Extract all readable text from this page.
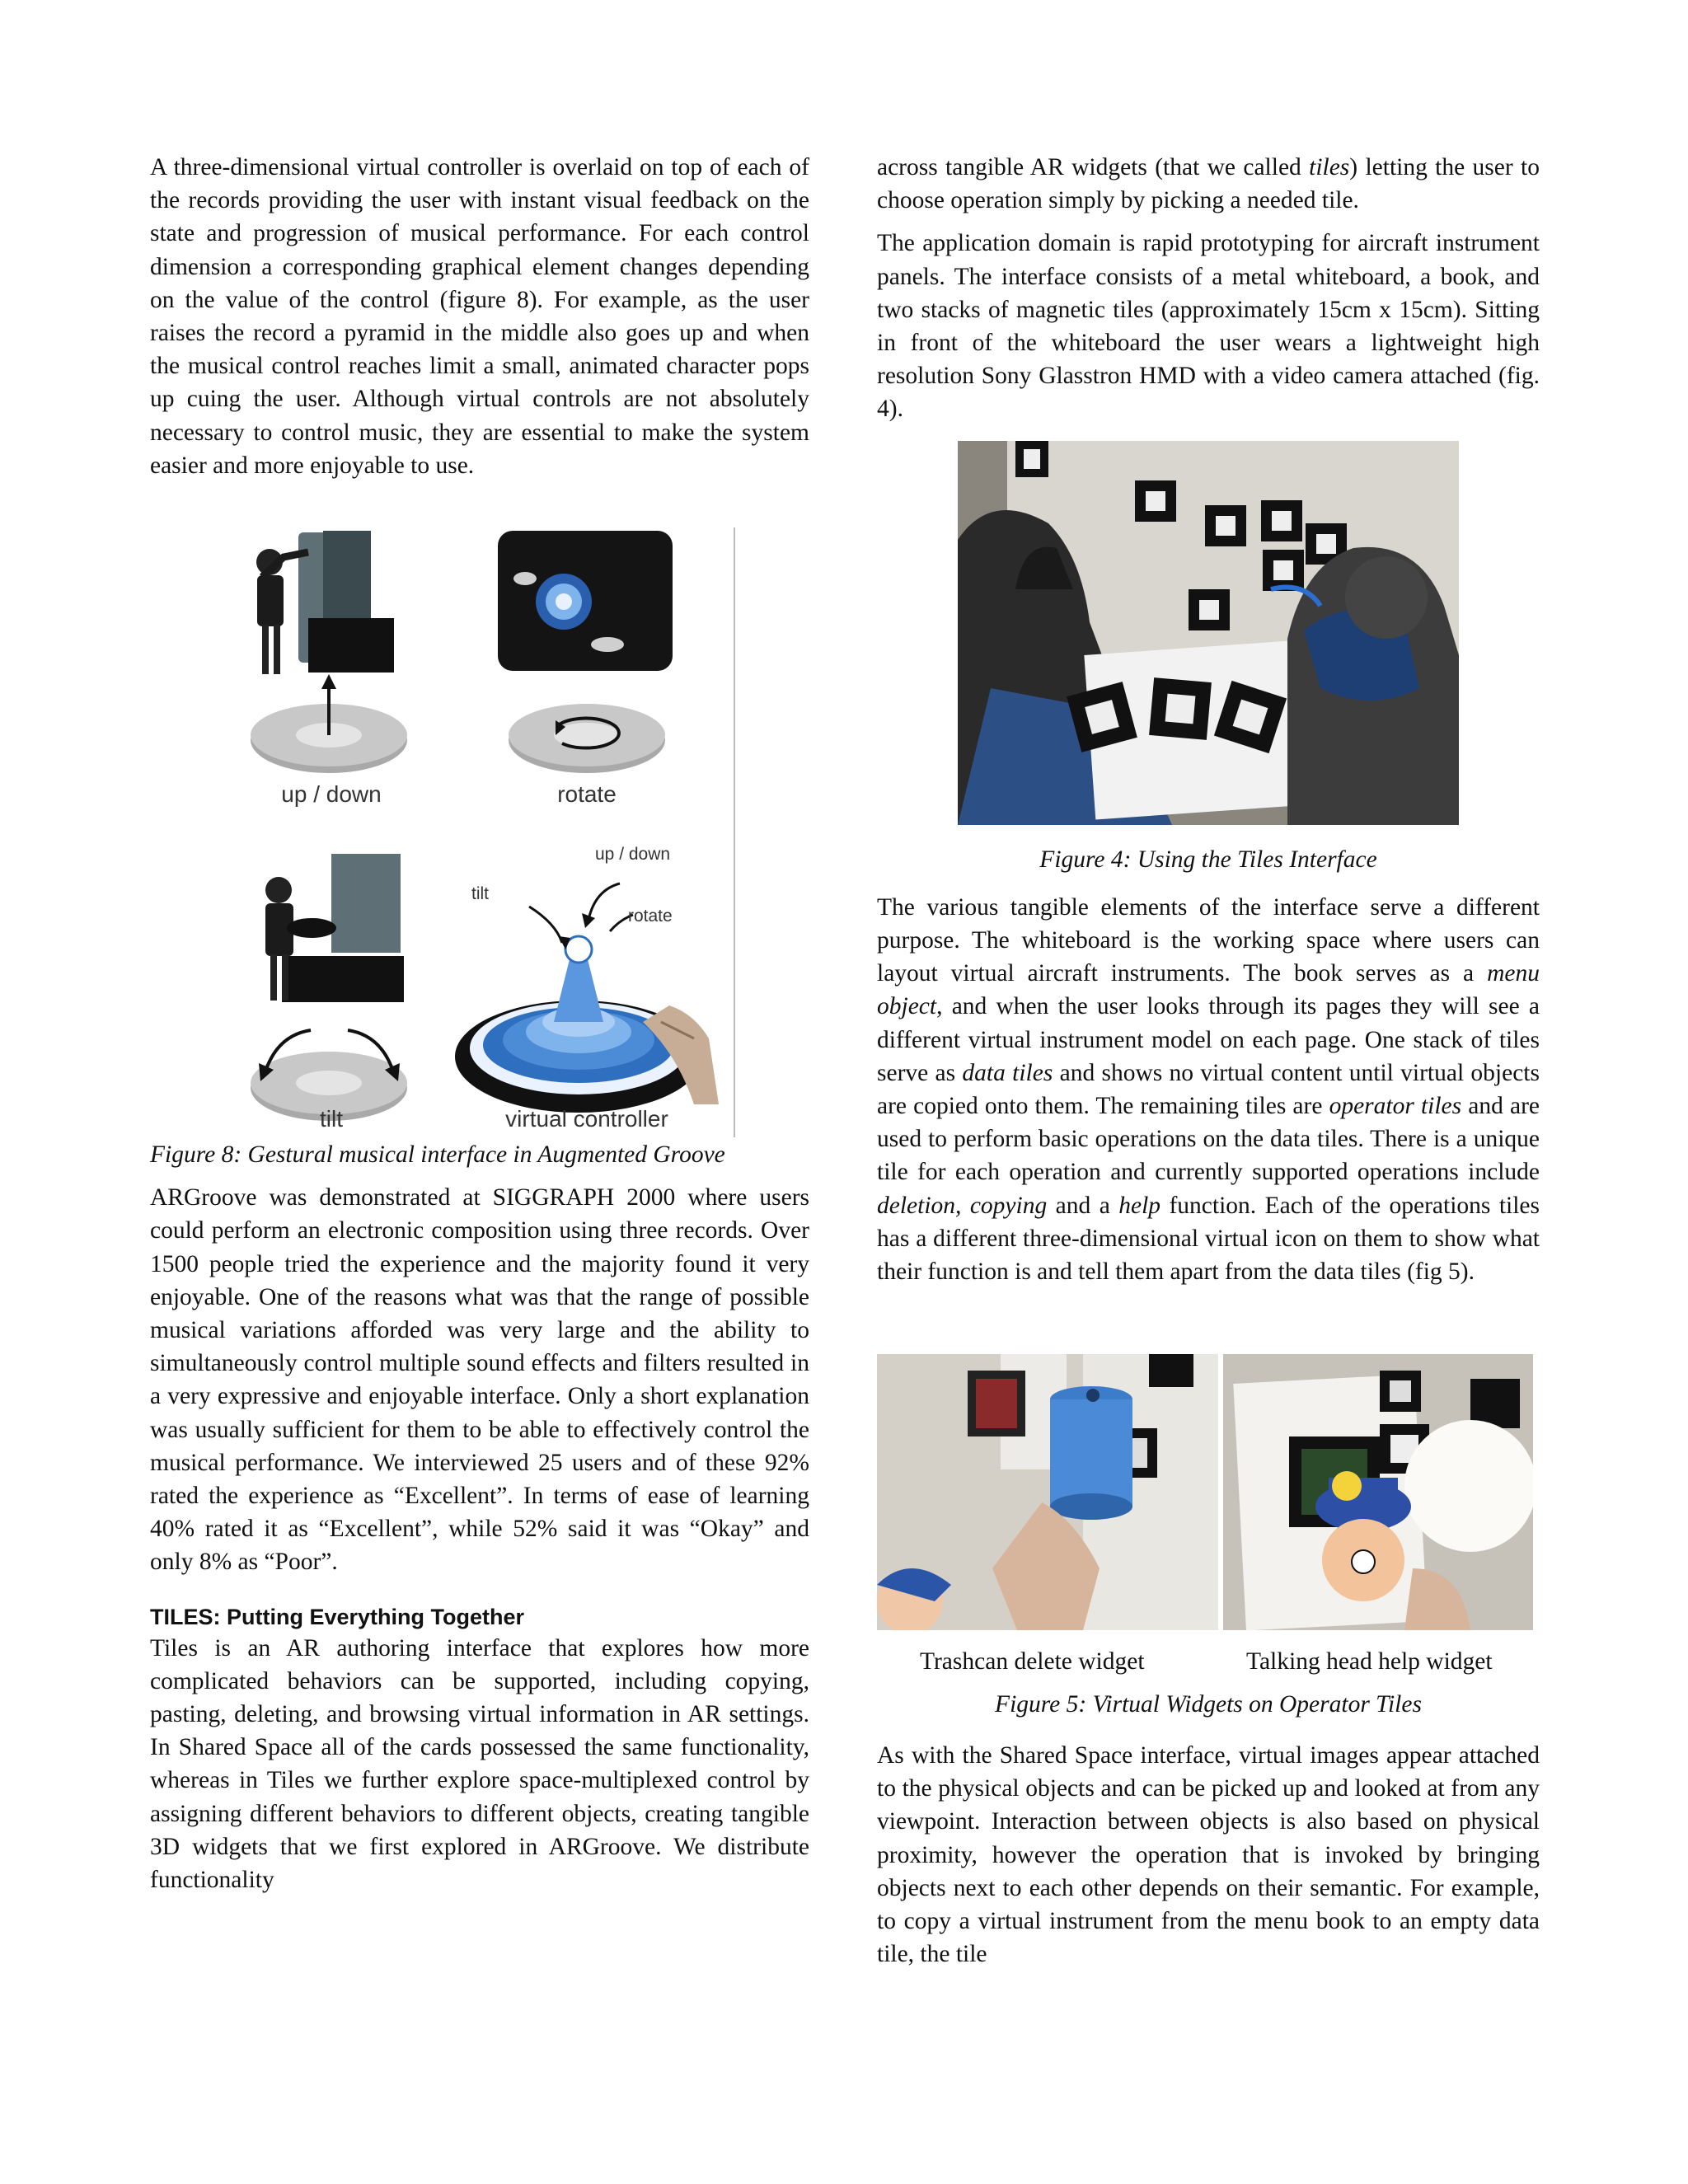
A three-dimensional virtual controller is overlaid on top of each of the records providing the user with instant visual feedback on the state and progression of musical performance. For each control dimension a corresponding graphical element changes depending on the value of the control (figure 8). For example, as the user raises the record a pyramid in the middle also goes up and when the musical control reaches limit a small, animated character pops up cuing the user. Although virtual controls are not absolutely necessary to control music, they are essential to make the system easier and more enjoyable to use.

Figure 8: Gestural musical interface in Augmented Groove

ARGroove was demonstrated at SIGGRAPH 2000 where users could perform an electronic composition using three records. Over 1500 people tried the experience and the majority found it very enjoyable. One of the reasons what was that the range of possible musical variations afforded was very large and the ability to simultaneously control multiple sound effects and filters resulted in a very expressive and enjoyable interface. Only a short explanation was usually sufficient for them to be able to effectively control the musical performance. We interviewed 25 users and of these 92% rated the experience as “Excellent”. In terms of ease of learning 40% rated it as “Excellent”, while 52% said it was “Okay” and only 8% as “Poor”.

TILES: Putting Everything Together

Tiles is an AR authoring interface that explores how more complicated behaviors can be supported, including copying, pasting, deleting, and browsing virtual information in AR settings. In Shared Space all of the cards possessed the same functionality, whereas in Tiles we further explore space-multiplexed control by assigning different behaviors to different objects, creating tangible 3D widgets that we first explored in ARGroove. We distribute functionality

up / down	rotate
tilt	virtual controller
up / down
tilt
rotate

across tangible AR widgets (that we called tiles) letting the user to choose operation simply by picking a needed tile.

The application domain is rapid prototyping for aircraft instrument panels. The interface consists of a metal whiteboard, a book, and two stacks of magnetic tiles (approximately 15cm x 15cm). Sitting in front of the whiteboard the user wears a lightweight high resolution Sony Glasstron HMD with a video camera attached (fig. 4).

Figure 4: Using the Tiles Interface

The various tangible elements of the interface serve a different purpose. The whiteboard is the working space where users can layout virtual aircraft instruments. The book serves as a menu object, and when the user looks through its pages they will see a different virtual instrument model on each page. One stack of tiles serve as data tiles and shows no virtual content until virtual objects are copied onto them. The remaining tiles are operator tiles and are used to perform basic operations on the data tiles. There is a unique tile for each operation and currently supported operations include deletion, copying and a help function. Each of the operations tiles has a different three-dimensional virtual icon on them to show what their function is and tell them apart from the data tiles (fig 5).

Trashcan delete widget	Talking head help widget
Figure 5: Virtual Widgets on Operator Tiles

As with the Shared Space interface, virtual images appear attached to the physical objects and can be picked up and looked at from any viewpoint. Interaction between objects is also based on physical proximity, however the operation that is invoked by bringing objects next to each other depends on their semantic. For example, to copy a virtual instrument from the menu book to an empty data tile, the tile
